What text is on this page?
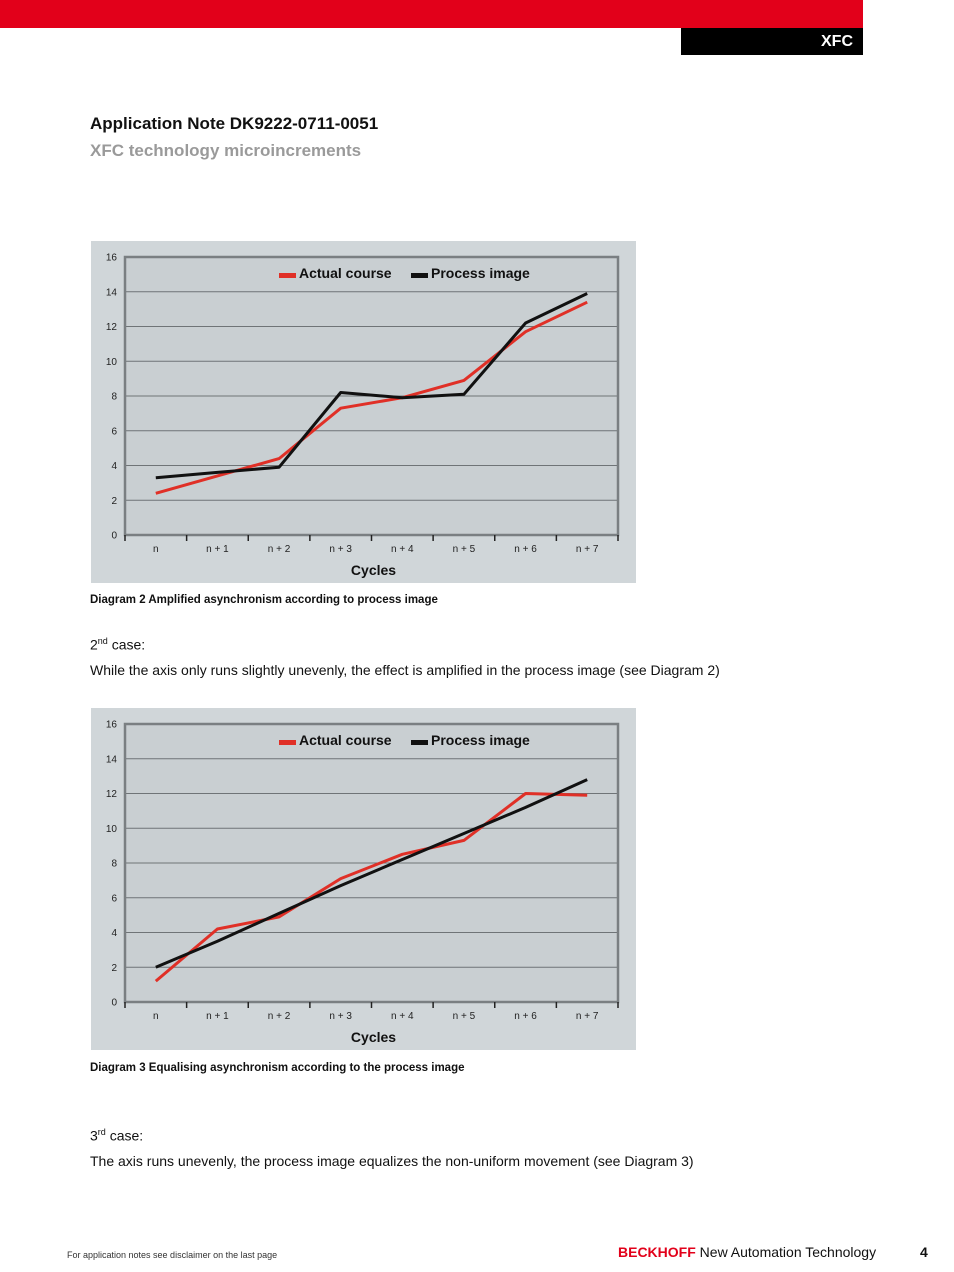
XFC
Application Note DK9222-0711-0051
XFC technology microincrements
0
2
4
6
8
10
12
14
16
n	n + 1	n + 2	n + 3	n + 4	n + 5	n + 6	n + 7
Cycles
Actual course	Process image
Diagram 2 Amplified asynchronism according to process image
2nd case:
While the axis only runs slightly unevenly, the effect is amplified in the process image (see Diagram 2)
0
2
4
6
8
10
12
14
16
n	n + 1	n + 2	n + 3	n + 4	n + 5	n + 6	n + 7
Cycles
Actual course	Process image
Diagram 3 Equalising asynchronism according to the process image
3rd case:
The axis runs unevenly, the process image equalizes the non-uniform movement (see Diagram 3)
For application notes see disclaimer on the last page	BECKHOFF New Automation Technology	4
